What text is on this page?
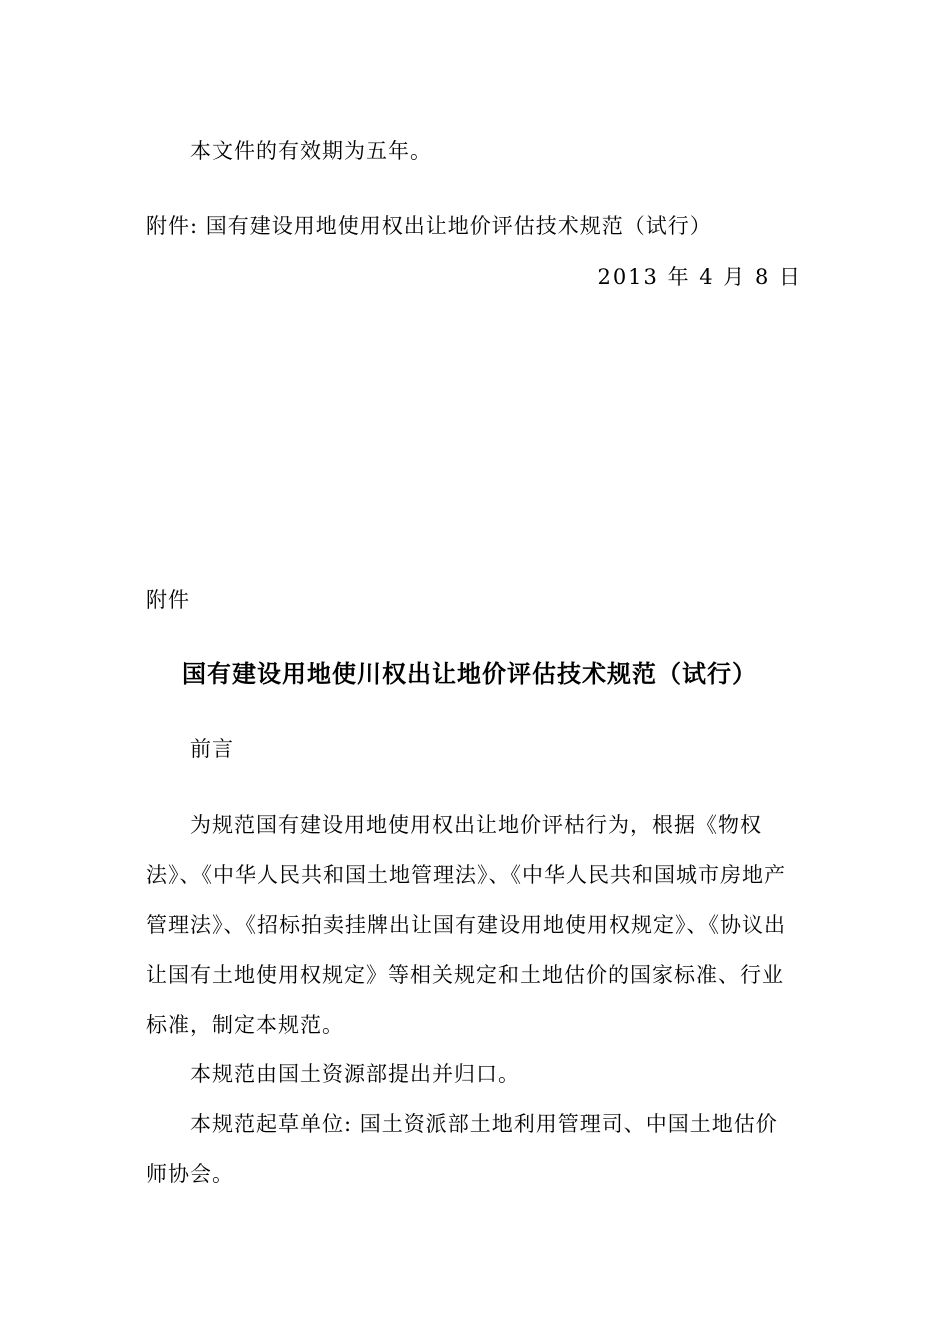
本文件的有效期为五年。
附件: 国有建设用地使用权出让地价评估技术规范（试行）
2013 年 4 月 8 日
附件
国有建设用地使川权出让地价评估技术规范（试行）
前言
为规范国有建设用地使用权出让地价评枯行为，根据《物权法》、《中华人民共和国土地管理法》、《中华人民共和国城市房地产管理法》、《招标拍卖挂牌出让国有建设用地使用权规定》、《协议出让国有土地使用权规定》等相关规定和土地估价的国家标准、行业标准，制定本规范。
本规范由国土资源部提出并归口。
本规范起草单位: 国土资派部土地利用管理司、中国土地估价师协会。
